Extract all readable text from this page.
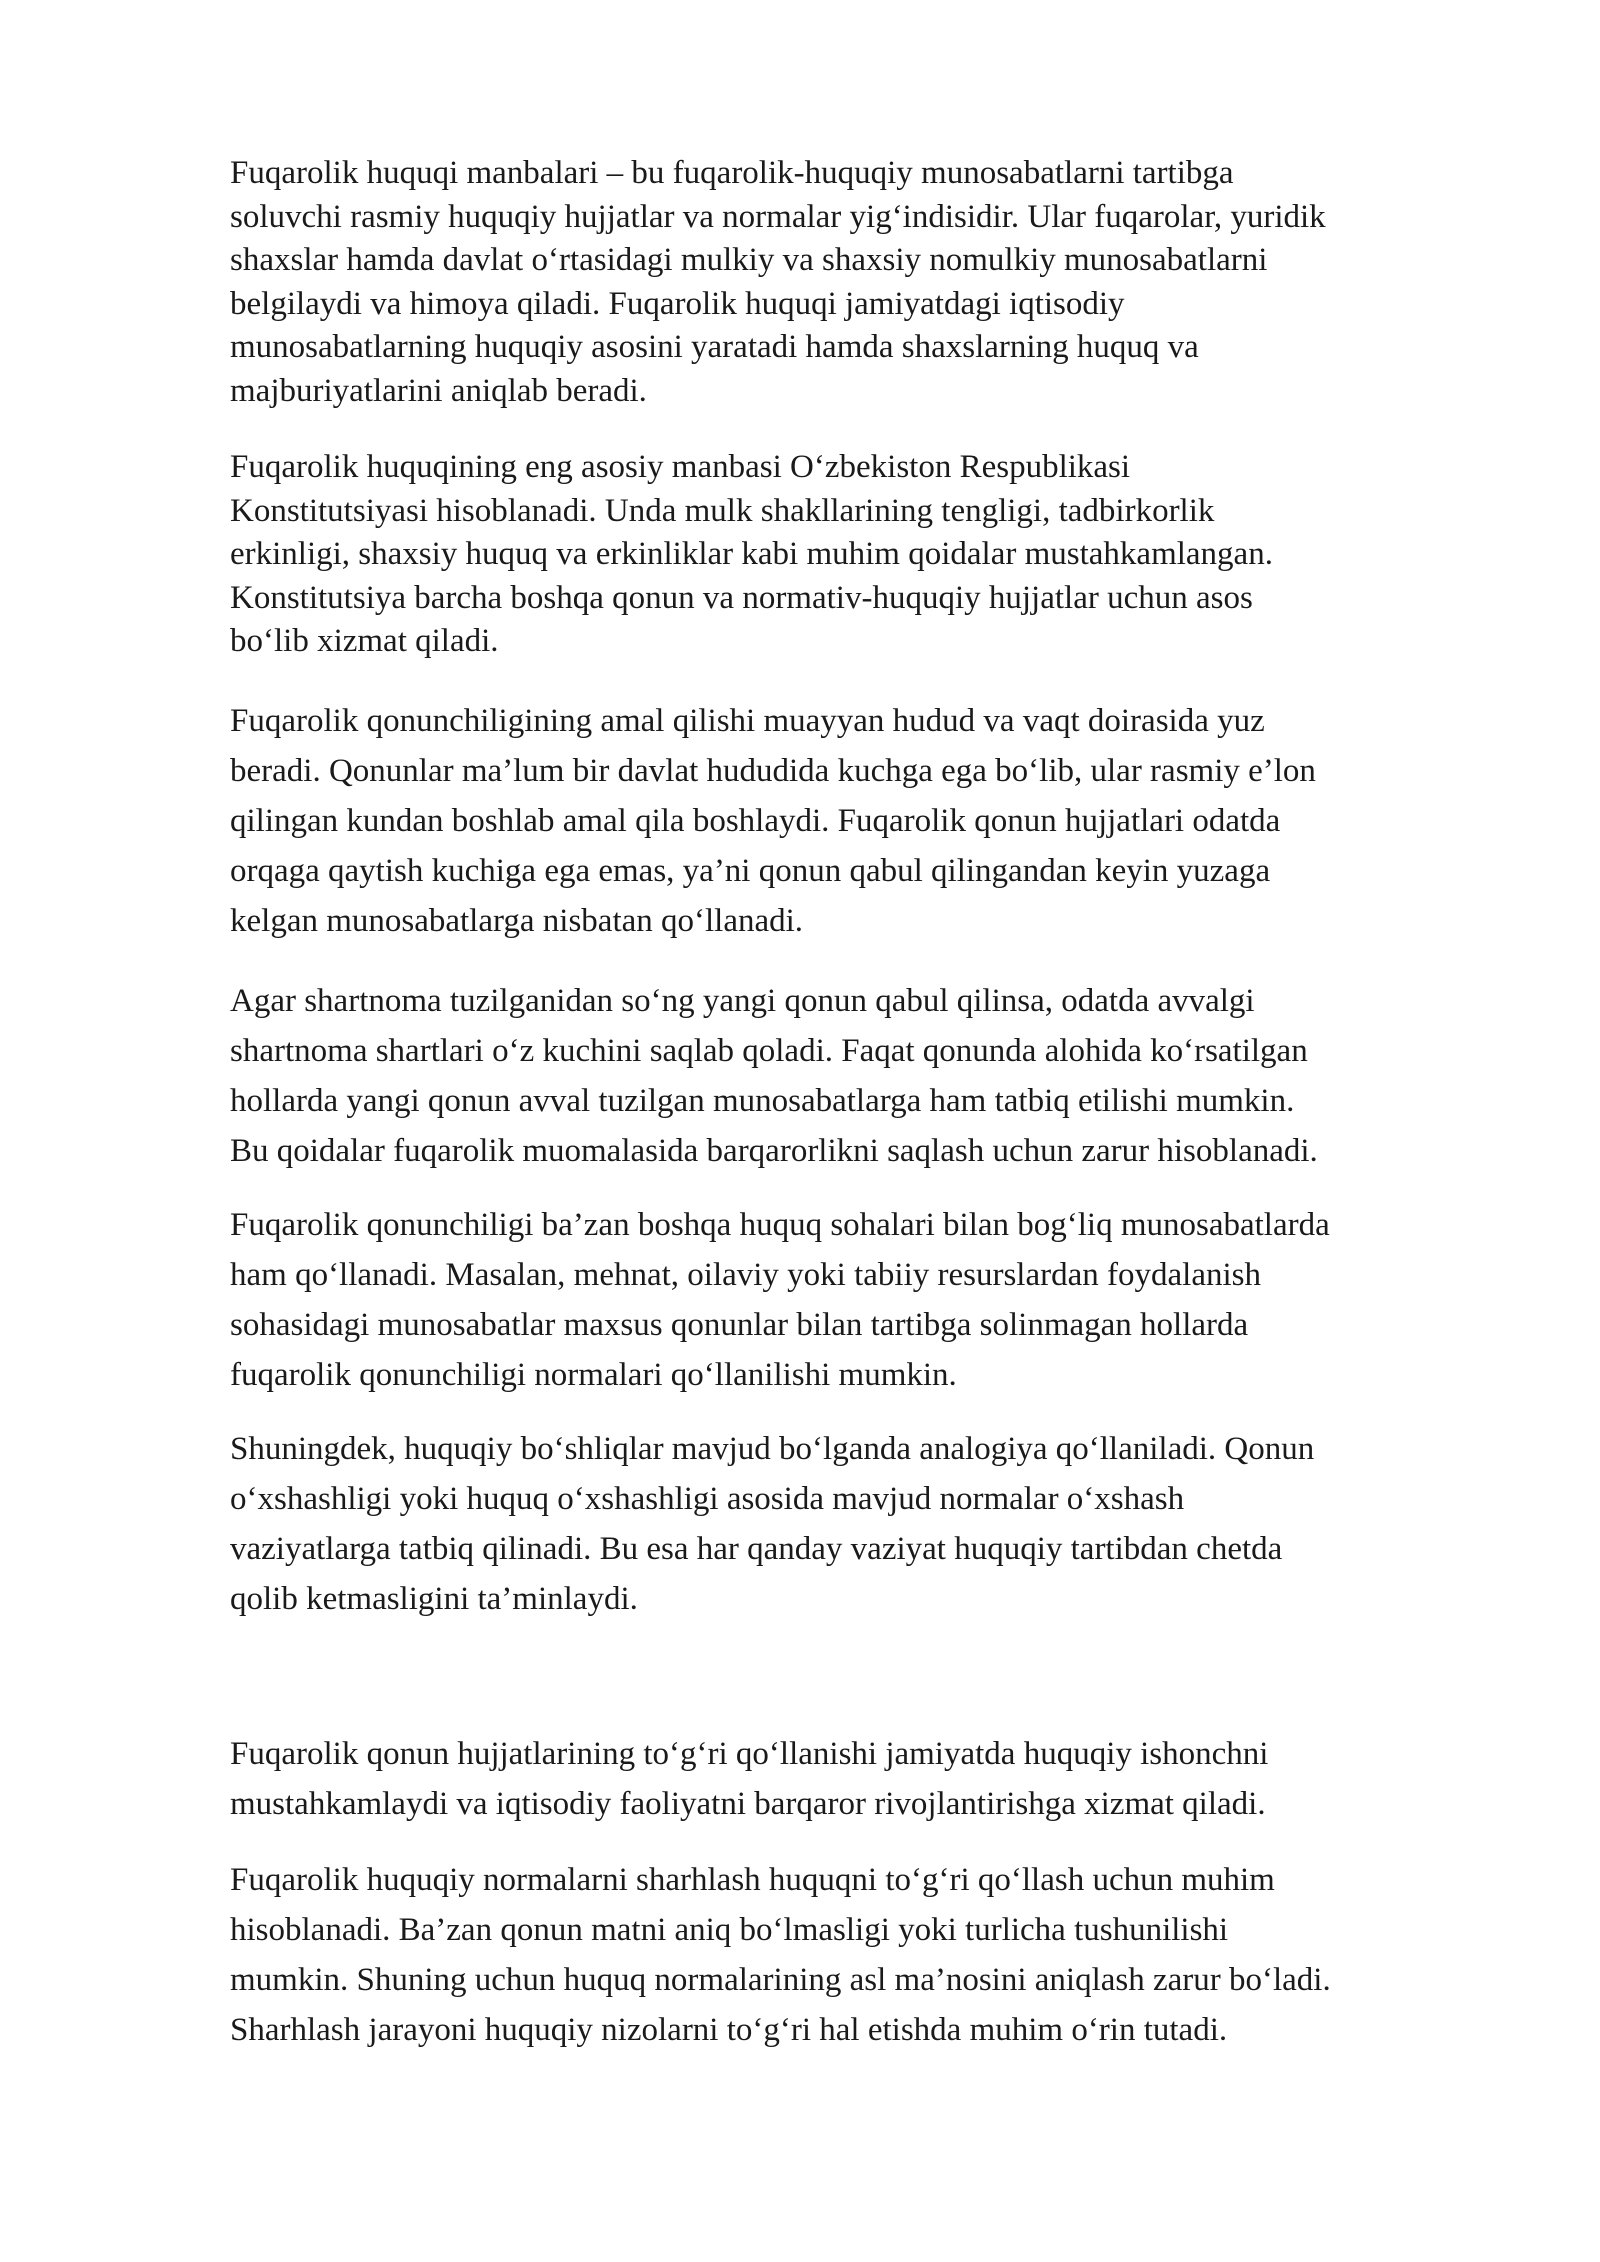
Fuqarolik huquqi manbalari – bu fuqarolik-huquqiy munosabatlarni tartibga
soluvchi rasmiy huquqiy hujjatlar va normalar yig‘indisidir. Ular fuqarolar, yuridik
shaxslar hamda davlat o‘rtasidagi mulkiy va shaxsiy nomulkiy munosabatlarni
belgilaydi va himoya qiladi. Fuqarolik huquqi jamiyatdagi iqtisodiy
munosabatlarning huquqiy asosini yaratadi hamda shaxslarning huquq va
majburiyatlarini aniqlab beradi.

Fuqarolik huquqining eng asosiy manbasi O‘zbekiston Respublikasi
Konstitutsiyasi hisoblanadi. Unda mulk shakllarining tengligi, tadbirkorlik
erkinligi, shaxsiy huquq va erkinliklar kabi muhim qoidalar mustahkamlangan.
Konstitutsiya barcha boshqa qonun va normativ-huquqiy hujjatlar uchun asos
bo‘lib xizmat qiladi.

Fuqarolik qonunchiligining amal qilishi muayyan hudud va vaqt doirasida yuz
beradi. Qonunlar ma’lum bir davlat hududida kuchga ega bo‘lib, ular rasmiy e’lon
qilingan kundan boshlab amal qila boshlaydi. Fuqarolik qonun hujjatlari odatda
orqaga qaytish kuchiga ega emas, ya’ni qonun qabul qilingandan keyin yuzaga
kelgan munosabatlarga nisbatan qo‘llanadi.

Agar shartnoma tuzilganidan so‘ng yangi qonun qabul qilinsa, odatda avvalgi
shartnoma shartlari o‘z kuchini saqlab qoladi. Faqat qonunda alohida ko‘rsatilgan
hollarda yangi qonun avval tuzilgan munosabatlarga ham tatbiq etilishi mumkin.
Bu qoidalar fuqarolik muomalasida barqarorlikni saqlash uchun zarur hisoblanadi.

Fuqarolik qonunchiligi ba’zan boshqa huquq sohalari bilan bog‘liq munosabatlarda
ham qo‘llanadi. Masalan, mehnat, oilaviy yoki tabiiy resurslardan foydalanish
sohasidagi munosabatlar maxsus qonunlar bilan tartibga solinmagan hollarda
fuqarolik qonunchiligi normalari qo‘llanilishi mumkin.

Shuningdek, huquqiy bo‘shliqlar mavjud bo‘lganda analogiya qo‘llaniladi. Qonun
o‘xshashligi yoki huquq o‘xshashligi asosida mavjud normalar o‘xshash
vaziyatlarga tatbiq qilinadi. Bu esa har qanday vaziyat huquqiy tartibdan chetda
qolib ketmasligini ta’minlaydi.

Fuqarolik qonun hujjatlarining to‘g‘ri qo‘llanishi jamiyatda huquqiy ishonchni
mustahkamlaydi va iqtisodiy faoliyatni barqaror rivojlantirishga xizmat qiladi.

Fuqarolik huquqiy normalarni sharhlash huquqni to‘g‘ri qo‘llash uchun muhim
hisoblanadi. Ba’zan qonun matni aniq bo‘lmasligi yoki turlicha tushunilishi
mumkin. Shuning uchun huquq normalarining asl ma’nosini aniqlash zarur bo‘ladi.
Sharhlash jarayoni huquqiy nizolarni to‘g‘ri hal etishda muhim o‘rin tutadi.
